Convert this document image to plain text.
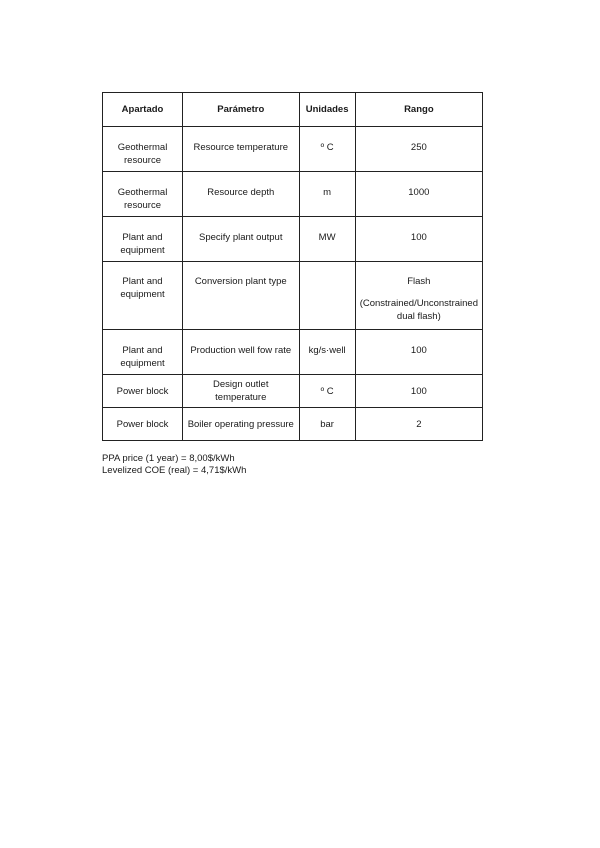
Apartado	Parámetro	Unidades	Rango

Geothermal resource	Resource temperature	º C	250

Geothermal resource	Resource depth	m	1000

Plant and equipment	Specify plant output	MW	100

Plant and equipment	Conversion plant type		Flash
(Constrained/Unconstrained dual flash)

Plant and equipment	Production well fow rate	kg/s·well	100

Power block	Design outlet temperature	º C	100
Power block	Boiler operating pressure	bar	2
PPA price (1 year) = 8,00$/kWh
Levelized COE (real) = 4,71$/kWh
